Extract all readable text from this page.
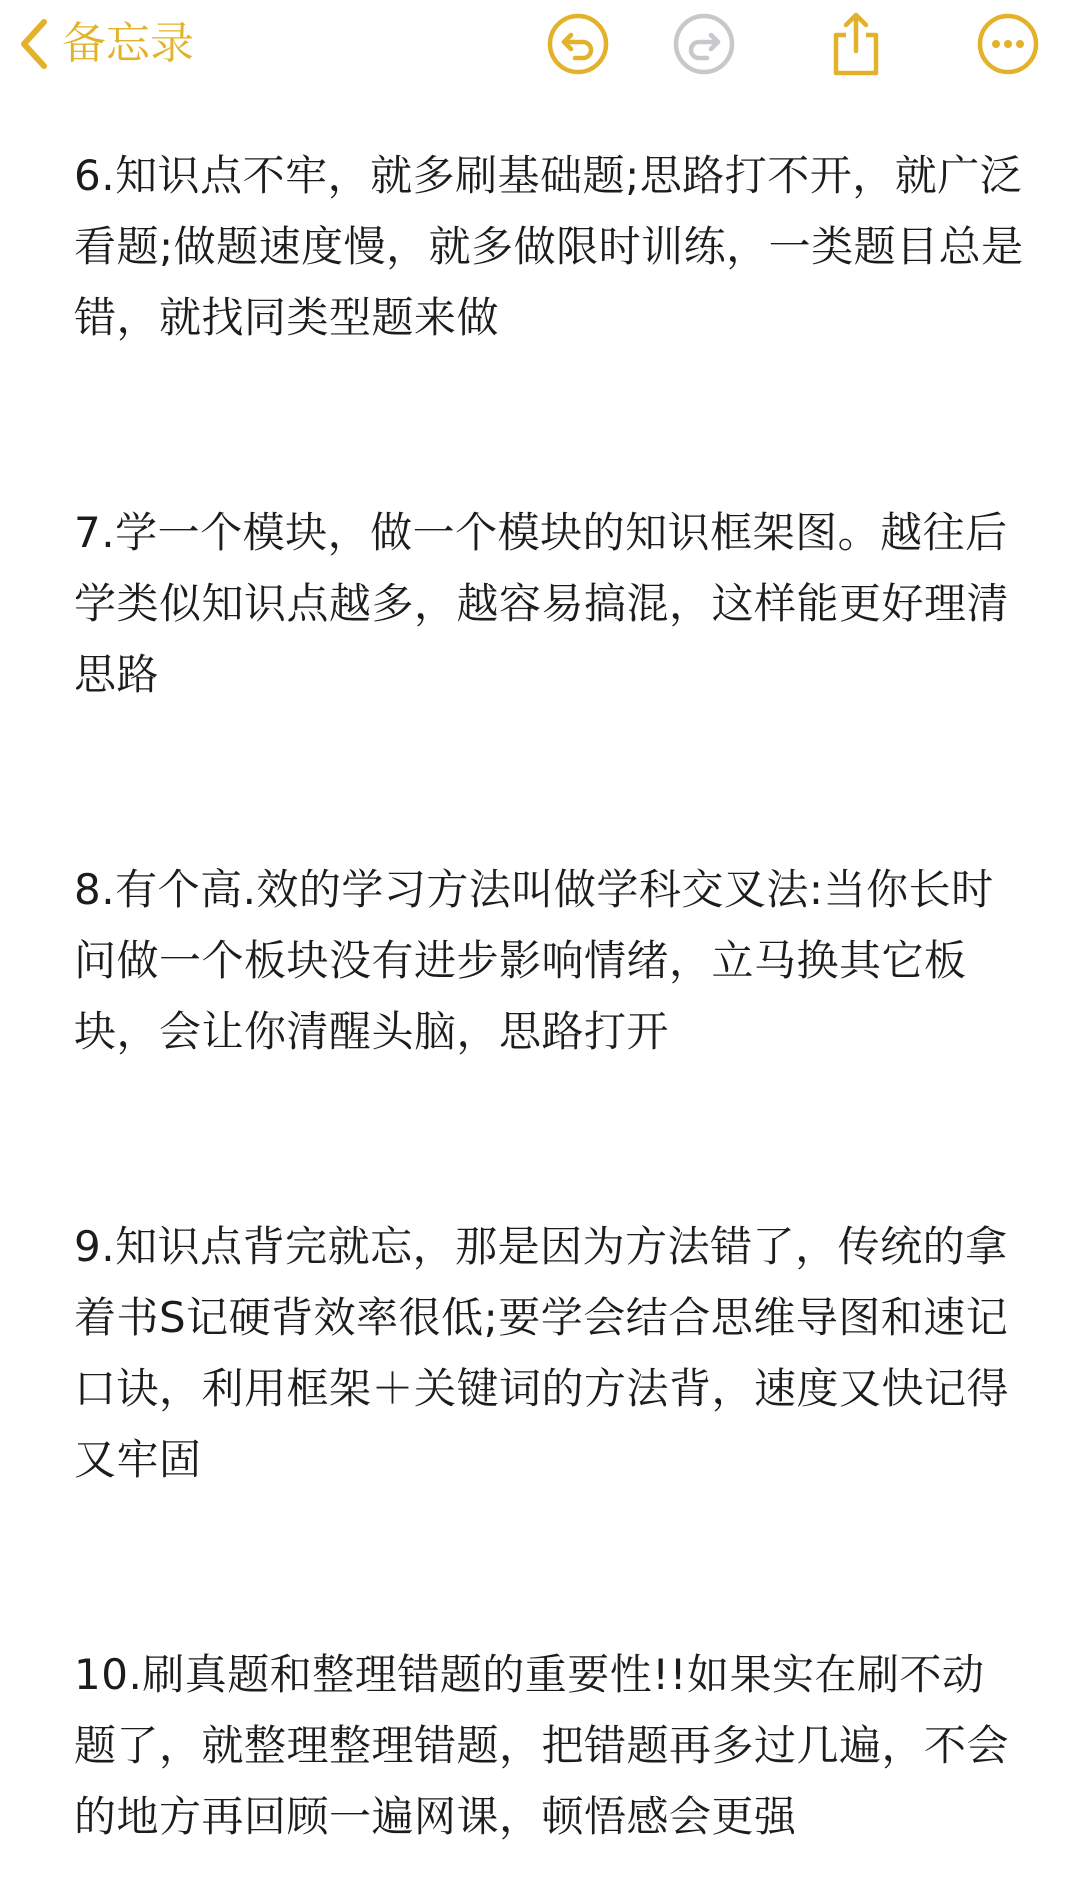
备忘录

6.知识点不牢，就多刷基础题;思路打不开，就广泛看题;做题速度慢，就多做限时训练，一类题目总是错，就找同类型题来做

7.学一个模块，做一个模块的知识框架图。越往后学类似知识点越多，越容易搞混，这样能更好理清思路

8.有个高.效的学习方法叫做学科交叉法:当你长时问做一个板块没有进步影响情绪，立马换其它板块，会让你清醒头脑，思路打开

9.知识点背完就忘，那是因为方法错了，传统的拿着书S记硬背效率很低;要学会结合思维导图和速记口诀，利用框架＋关键词的方法背，速度又快记得又牢固

10.刷真题和整理错题的重要性!!如果实在刷不动题了，就整理整理错题，把错题再多过几遍，不会的地方再回顾一遍网课，顿悟感会更强
